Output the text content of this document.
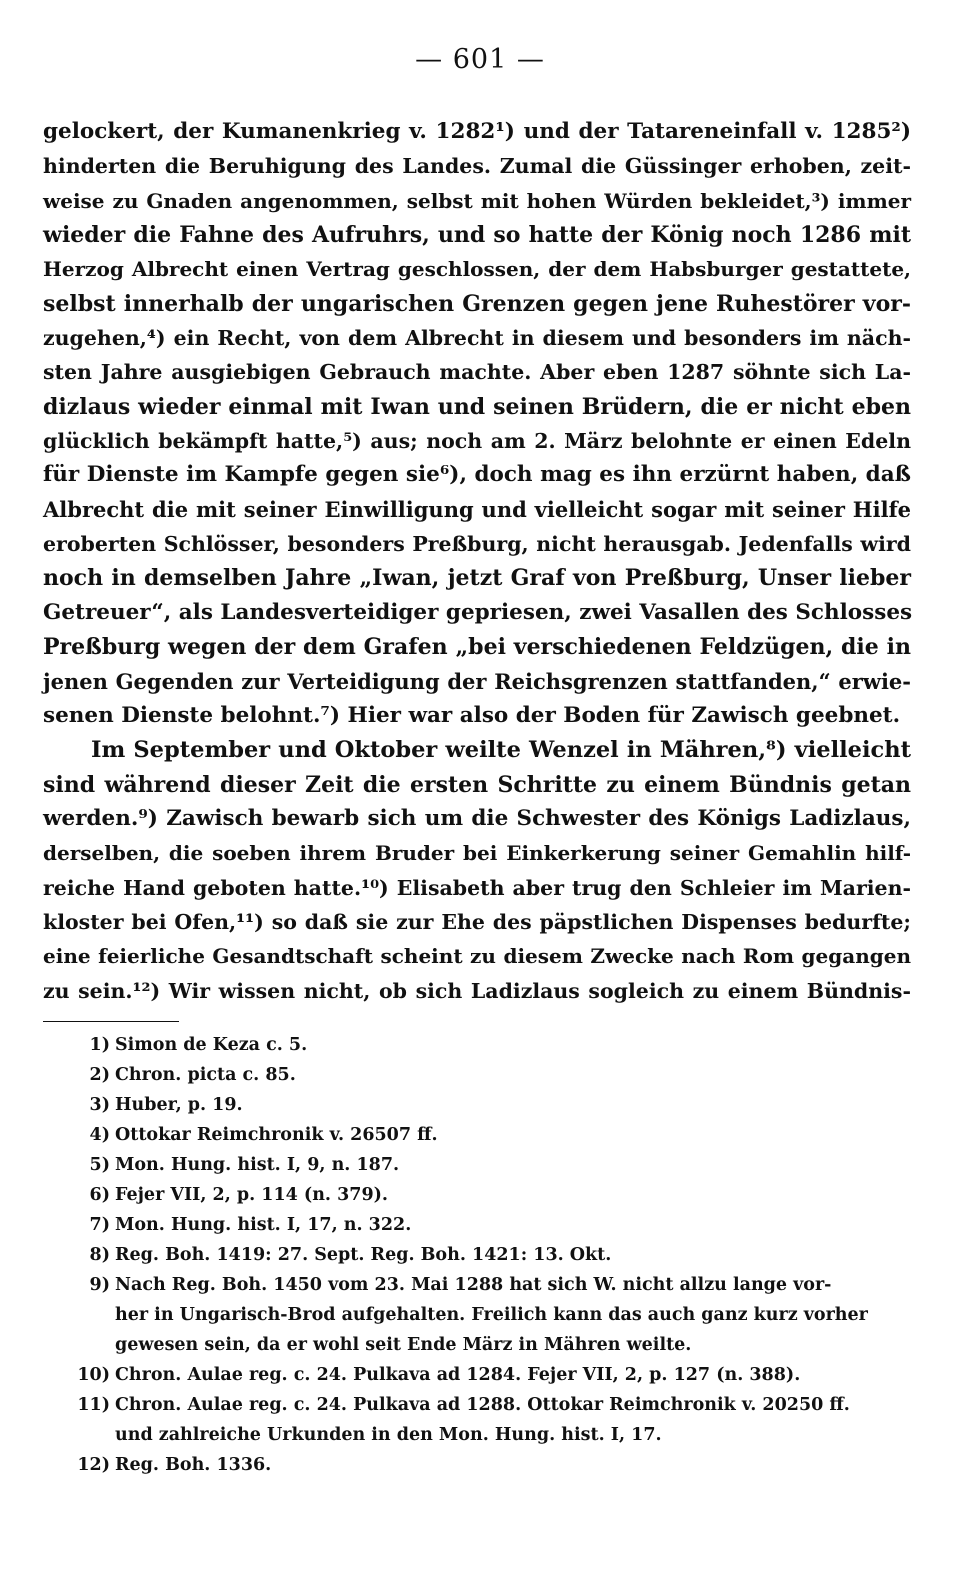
— 601 —
gelockert, der Kumanenkrieg v. 1282¹) und der Tatareneinfall v. 1285²)
hinderten die Beruhigung des Landes. Zumal die Güssinger erhoben, zeit-
weise zu Gnaden angenommen, selbst mit hohen Würden bekleidet,³) immer
wieder die Fahne des Aufruhrs, und so hatte der König noch 1286 mit
Herzog Albrecht einen Vertrag geschlossen, der dem Habsburger gestattete,
selbst innerhalb der ungarischen Grenzen gegen jene Ruhestörer vor-
zugehen,⁴) ein Recht, von dem Albrecht in diesem und besonders im näch-
sten Jahre ausgiebigen Gebrauch machte. Aber eben 1287 söhnte sich La-
dizlaus wieder einmal mit Iwan und seinen Brüdern, die er nicht eben
glücklich bekämpft hatte,⁵) aus; noch am 2. März belohnte er einen Edeln
für Dienste im Kampfe gegen sie⁶), doch mag es ihn erzürnt haben, daß
Albrecht die mit seiner Einwilligung und vielleicht sogar mit seiner Hilfe
eroberten Schlösser, besonders Preßburg, nicht herausgab. Jedenfalls wird
noch in demselben Jahre „Iwan, jetzt Graf von Preßburg, Unser lieber
Getreuer“, als Landesverteidiger gepriesen, zwei Vasallen des Schlosses
Preßburg wegen der dem Grafen „bei verschiedenen Feldzügen, die in
jenen Gegenden zur Verteidigung der Reichsgrenzen stattfanden,“ erwie-
senen Dienste belohnt.⁷) Hier war also der Boden für Zawisch geebnet.
Im September und Oktober weilte Wenzel in Mähren,⁸) vielleicht
sind während dieser Zeit die ersten Schritte zu einem Bündnis getan
werden.⁹) Zawisch bewarb sich um die Schwester des Königs Ladizlaus,
derselben, die soeben ihrem Bruder bei Einkerkerung seiner Gemahlin hilf-
reiche Hand geboten hatte.¹⁰) Elisabeth aber trug den Schleier im Marien-
kloster bei Ofen,¹¹) so daß sie zur Ehe des päpstlichen Dispenses bedurfte;
eine feierliche Gesandtschaft scheint zu diesem Zwecke nach Rom gegangen
zu sein.¹²) Wir wissen nicht, ob sich Ladizlaus sogleich zu einem Bündnis-
1) Simon de Keza c. 5.
2) Chron. picta c. 85.
3) Huber, p. 19.
4) Ottokar Reimchronik v. 26507 ff.
5) Mon. Hung. hist. I, 9, n. 187.
6) Fejer VII, 2, p. 114 (n. 379).
7) Mon. Hung. hist. I, 17, n. 322.
8) Reg. Boh. 1419: 27. Sept. Reg. Boh. 1421: 13. Okt.
9) Nach Reg. Boh. 1450 vom 23. Mai 1288 hat sich W. nicht allzu lange vor-
her in Ungarisch-Brod aufgehalten. Freilich kann das auch ganz kurz vorher
gewesen sein, da er wohl seit Ende März in Mähren weilte.
10) Chron. Aulae reg. c. 24. Pulkava ad 1284. Fejer VII, 2, p. 127 (n. 388).
11) Chron. Aulae reg. c. 24. Pulkava ad 1288. Ottokar Reimchronik v. 20250 ff.
und zahlreiche Urkunden in den Mon. Hung. hist. I, 17.
12) Reg. Boh. 1336.
